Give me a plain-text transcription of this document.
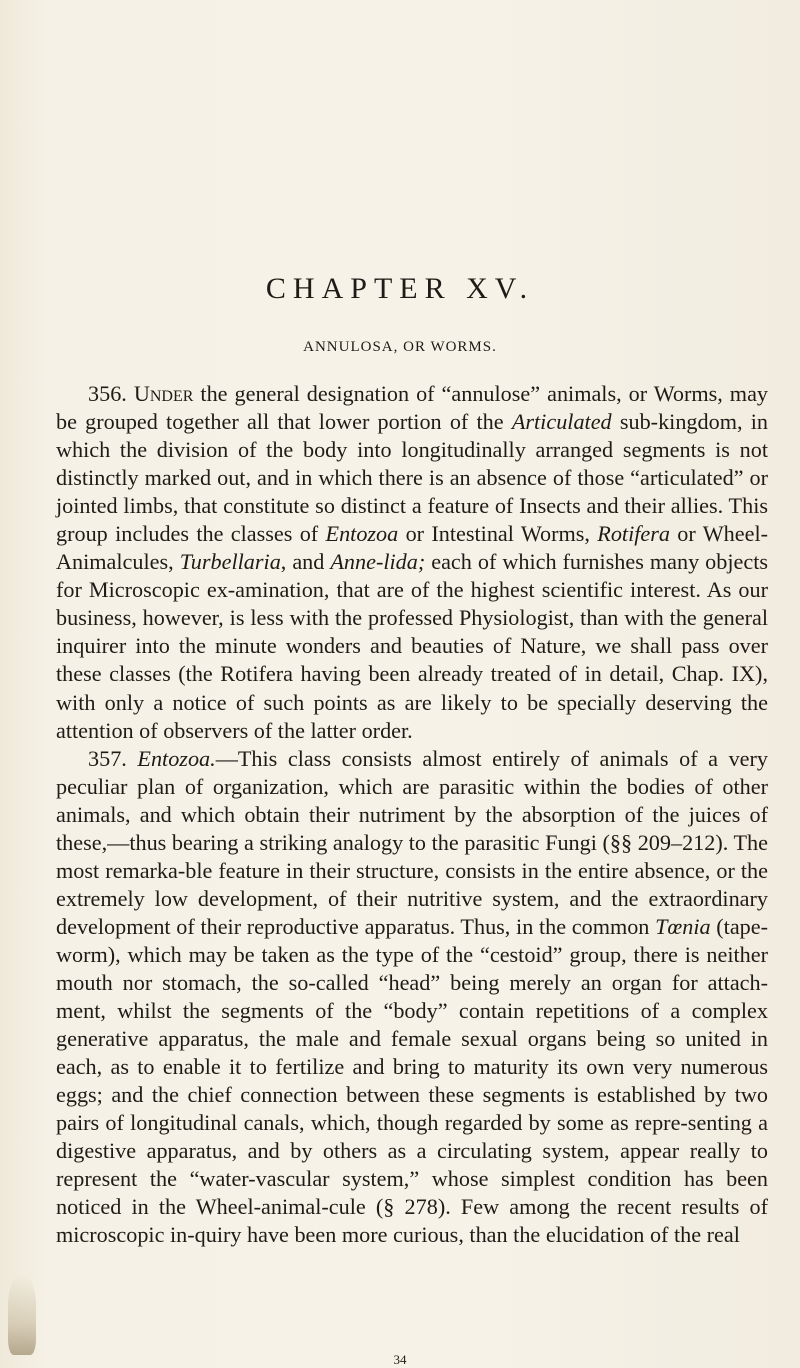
CHAPTER XV.
ANNULOSA, OR WORMS.

356. Under the general designation of “annulose” animals, or Worms, may be grouped together all that lower portion of the Articulated sub-kingdom, in which the division of the body into longitudinally arranged segments is not distinctly marked out, and in which there is an absence of those “articulated” or jointed limbs, that constitute so distinct a feature of Insects and their allies. This group includes the classes of Entozoa or Intestinal Worms, Rotifera or Wheel-Animalcules, Turbellaria, and Anne-lida; each of which furnishes many objects for Microscopic ex-amination, that are of the highest scientific interest. As our business, however, is less with the professed Physiologist, than with the general inquirer into the minute wonders and beauties of Nature, we shall pass over these classes (the Rotifera having been already treated of in detail, Chap. IX), with only a notice of such points as are likely to be specially deserving the attention of observers of the latter order.

357. Entozoa.—This class consists almost entirely of animals of a very peculiar plan of organization, which are parasitic within the bodies of other animals, and which obtain their nutriment by the absorption of the juices of these,—thus bearing a striking analogy to the parasitic Fungi (§§ 209–212). The most remarka-ble feature in their structure, consists in the entire absence, or the extremely low development, of their nutritive system, and the extraordinary development of their reproductive apparatus. Thus, in the common Tœnia (tape-worm), which may be taken as the type of the “cestoid” group, there is neither mouth nor stomach, the so-called “head” being merely an organ for attach-ment, whilst the segments of the “body” contain repetitions of a complex generative apparatus, the male and female sexual organs being so united in each, as to enable it to fertilize and bring to maturity its own very numerous eggs; and the chief connection between these segments is established by two pairs of longitudinal canals, which, though regarded by some as repre-senting a digestive apparatus, and by others as a circulating system, appear really to represent the “water-vascular system,” whose simplest condition has been noticed in the Wheel-animal-cule (§ 278). Few among the recent results of microscopic in-quiry have been more curious, than the elucidation of the real

34
